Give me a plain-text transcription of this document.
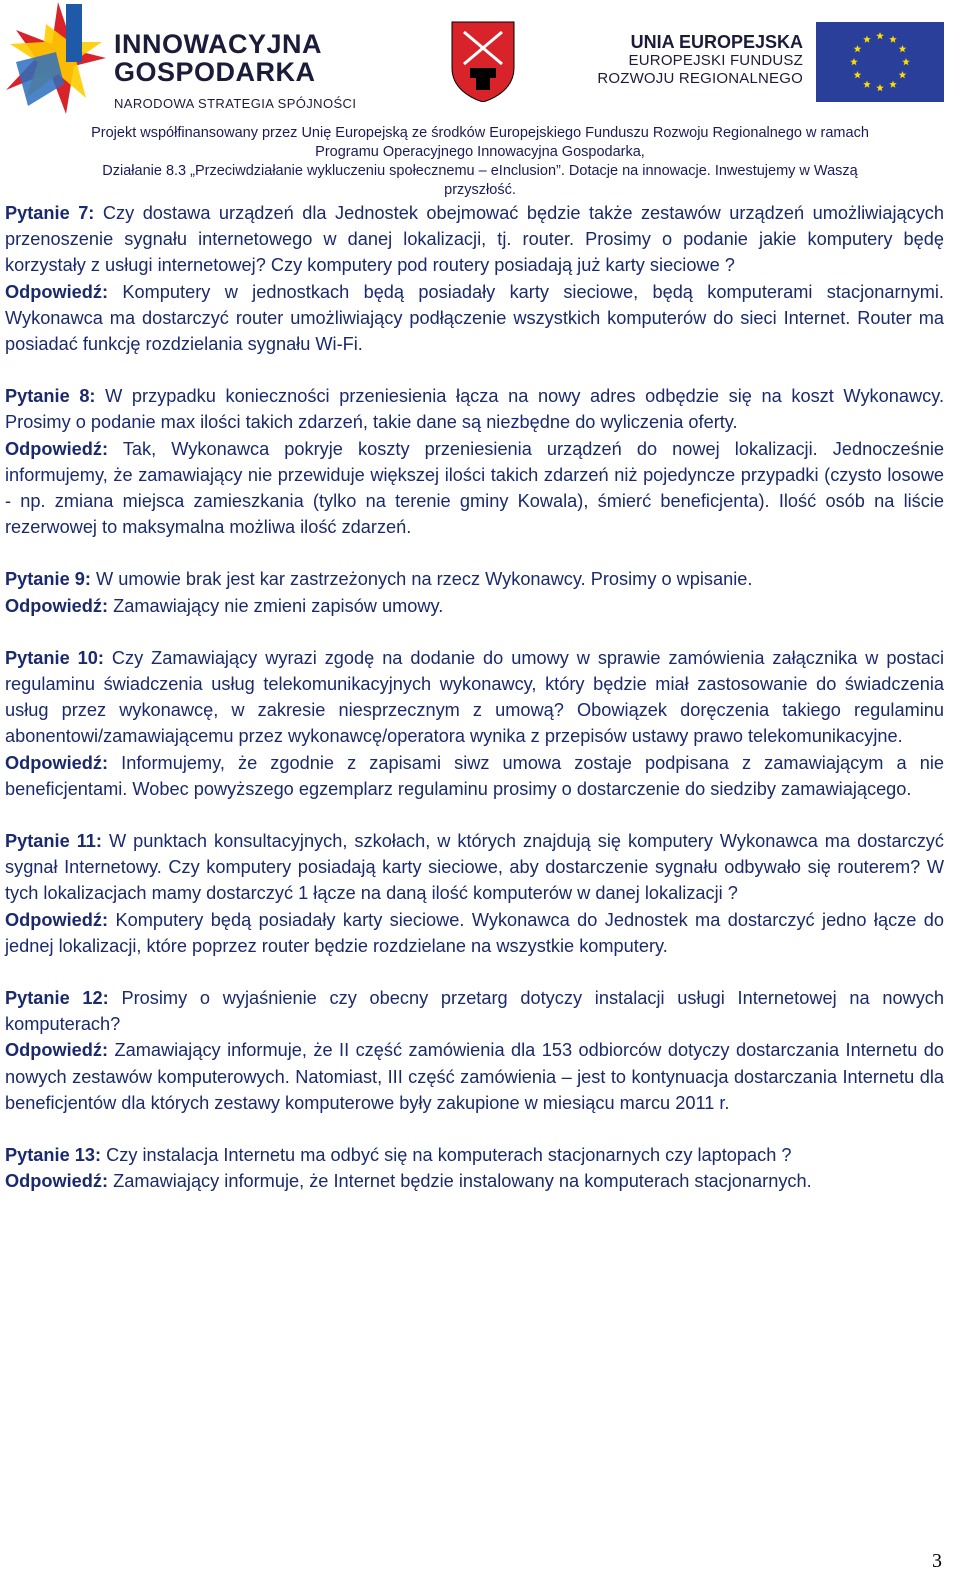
INNOWACYJNA
GOSPODARKA
NARODOWA STRATEGIA SPÓJNOŚCI
UNIA EUROPEJSKA
EUROPEJSKI FUNDUSZ
ROZWOJU REGIONALNEGO
Projekt współfinansowany przez Unię Europejską ze środków Europejskiego Funduszu Rozwoju Regionalnego w ramach
Programu Operacyjnego Innowacyjna Gospodarka,
Działanie 8.3 „Przeciwdziałanie wykluczeniu społecznemu – eInclusion”. Dotacje na innowacje. Inwestujemy w Waszą
przyszłość.

Pytanie 7: Czy dostawa urządzeń dla Jednostek obejmować będzie także zestawów urządzeń umożliwiających przenoszenie sygnału internetowego w danej lokalizacji, tj. router. Prosimy o podanie jakie komputery będę korzystały z usługi internetowej? Czy komputery pod routery posiadają już karty sieciowe ?

Odpowiedź: Komputery w jednostkach będą posiadały karty sieciowe, będą komputerami stacjonarnymi. Wykonawca ma dostarczyć router umożliwiający podłączenie wszystkich komputerów do sieci Internet. Router ma posiadać funkcję rozdzielania sygnału Wi-Fi.

Pytanie 8: W przypadku konieczności przeniesienia łącza na nowy adres odbędzie się na koszt Wykonawcy. Prosimy o podanie max ilości takich zdarzeń, takie dane są niezbędne do wyliczenia oferty.

Odpowiedź: Tak, Wykonawca pokryje koszty przeniesienia urządzeń do nowej lokalizacji. Jednocześnie informujemy, że zamawiający nie przewiduje większej ilości takich zdarzeń niż pojedyncze przypadki (czysto losowe - np. zmiana miejsca zamieszkania (tylko na terenie gminy Kowala), śmierć beneficjenta). Ilość osób na liście rezerwowej to maksymalna możliwa ilość zdarzeń.

Pytanie 9: W umowie brak jest kar zastrzeżonych na rzecz Wykonawcy. Prosimy o wpisanie.

Odpowiedź: Zamawiający nie zmieni zapisów umowy.

Pytanie 10: Czy Zamawiający wyrazi zgodę na dodanie do umowy w sprawie zamówienia załącznika w postaci regulaminu świadczenia usług telekomunikacyjnych wykonawcy, który będzie miał zastosowanie do świadczenia usług przez wykonawcę, w zakresie niesprzecznym z umową? Obowiązek doręczenia takiego regulaminu abonentowi/zamawiającemu przez wykonawcę/operatora wynika z przepisów ustawy prawo telekomunikacyjne.

Odpowiedź: Informujemy, że zgodnie z zapisami siwz umowa zostaje podpisana z zamawiającym a nie beneficjentami. Wobec powyższego egzemplarz regulaminu prosimy o dostarczenie do siedziby zamawiającego.

Pytanie 11: W punktach konsultacyjnych, szkołach, w których znajdują się komputery Wykonawca ma dostarczyć sygnał Internetowy. Czy komputery posiadają karty sieciowe, aby dostarczenie sygnału odbywało się routerem? W tych lokalizacjach mamy dostarczyć 1 łącze na daną ilość komputerów w danej lokalizacji ?

Odpowiedź: Komputery będą posiadały karty sieciowe. Wykonawca do Jednostek ma dostarczyć jedno łącze do jednej lokalizacji, które poprzez router będzie rozdzielane na wszystkie komputery.

Pytanie 12: Prosimy o wyjaśnienie czy obecny przetarg dotyczy instalacji usługi Internetowej na nowych komputerach?

Odpowiedź: Zamawiający informuje, że II część zamówienia dla 153 odbiorców dotyczy dostarczania Internetu do nowych zestawów komputerowych. Natomiast, III część zamówienia – jest to kontynuacja dostarczania Internetu dla beneficjentów dla których zestawy komputerowe były zakupione w miesiącu marcu 2011 r.

Pytanie 13: Czy instalacja Internetu ma odbyć się na komputerach stacjonarnych czy laptopach ?

Odpowiedź: Zamawiający informuje, że Internet będzie instalowany na komputerach stacjonarnych.

3
